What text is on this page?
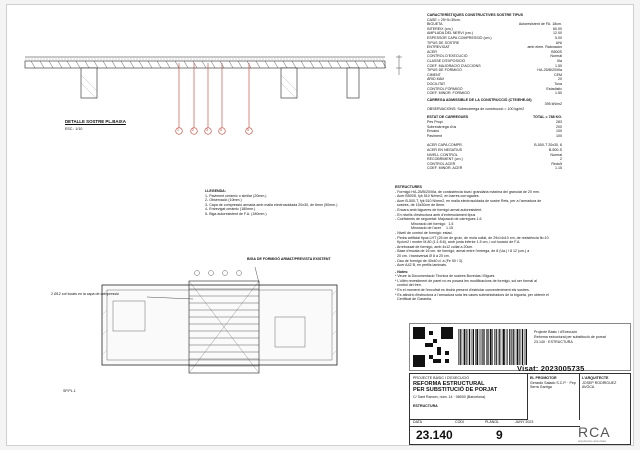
1	2	3	4	5
DETALLE SOSTRE PL.BAIXA
ESC.: 1/10
CARACTERÍSTIQUES CONSTRUCTIVES SOSTRE TIPUS
CASE = 25+5=30cm.
BIGUETA	Autoresistent de FA. 18cm.
INTEREIX (cm.)	60.00
AMPLADA DEL NERVI (cm.)	12.00
ESPESSOR CAPA COMPRESSIÓ (cm.)	5.00
TIPUS DE SOSTRE	UNI
ENTREVIGAT	amb elem. Ratonador
ACER	B500S
CONTROL D'EXECUCIÓ	Normal
CLASSE D'EXPOSICIÓ	IIIa
COEF. MAJORACIÓ D'ACCIONS	1.50
TIPUS DE FORMIGÓ	HA-25/B/20/IIIa
CIMENT	CEM
ÀRID MÀX	20
DOCILITAT	Tova
CONTROL FORMIGÓ	Estadístic
COEF. MINOR. FORMIGÓ	1.50
CÀRREGA ADMISSIBLE DE LA CONSTRUCCIÓ (CTE/EHE-08)
395 kN/m2
OBSERVACIONS: Sobrecàrrega de construcció = 100 kg/m2
ESTAT DE CÀRREGUES	TOTAL = 788 KG.
Pes Propi	283
Sobrecàrrega d'ús	200
Envans	100
Paviment	100
ACER CAPA COMPR.	B-500-T 20x30, 6
ACER EN NEGATIUS	B-500-S
NIVELL CONTROL	Normal
RECOBRIMENT (cm.)	2
CONTROL ACER	Reduït
COEF. MINOR. ACER	1.15
LLEGENDA:
1- Paviment ceràmic o similar (20mm.)
2- Observació (10mm.)
3- Capa de compressió armada amb malla electrosoldada 20x30, de 6mm (50mm.)
4- Entrevigat ceràmic (180mm.)
5- Biga autoresistent de F.A. (180mm.)
BIGA DE FORMIGÓ ARMAT/PREVISTA EXISTENT
2 Ø12 col·locats en la capa de compressió
SP.PL.1
ESTRUCTURES
- Formigó HA-25/B/20/IIIa, de consistència tova i grandària màxima del granulat de 20 mm.
- Acer B500S, fyk 510 N/mm2, en barres corrugades.
- Acer B-500-T, fyk 510 N/mm2, en malla electrosoldada de sostre Rets, per a l'armadura de
sostres, de 15x30cm de 8mm.
- Encara amb bigueres de formigó armat autoresistent.
- En nivells d'estructura amb d'entresolament tipus
- Coeficients de seguretat: Majoració de càrregues 1.6
Minoració del formigó   1.5
Minoració de l'acer     1.15
- Nivell de control de formigó: estad.
- Pedra artificial tipus LHT (25 cm de gruix, de mola collat, de 29x14x10 cm, de resistència fk=10
Kp/cm2 i morter M-80 (1:1:5:6), amb junta inferior 1.5 cm, i col·locació de F.A.
- Arrebossat de formigó, amb 4x12 collat a 20cm.
- Base d'escala de 16 cm. de formigó, armat entre l'entrega, de 8 (Ua.) i 8 12 (cm.) a
20 cm. i transversal Ø 8 a 20 cm.
- Dau de formigó de 40x40 d. a (Fe 50 / 3).
- Acer A42 B, en perfils laminats.
- Notes:
* Veure la Documentació Tècnica de sostres Bovedas i Bigues
* L'últim revestiment de paret no es posarà les modificacions de formigó, sol ser formal al
control del tren.
* En el moment de l'encofrat es tindrà present d'estrictar convenientment els sostres.
* Es atindrà d'estructura a l'armadura sota les cases subministradors de la bigueta, per obtenir el
Certificat de Garantia.
Projecte Bàsic i d'Execució
Reforma estructural per substitució de porxat
23.140 · ESTRUCTURA
Visat: 2023005735
PROJECTE BÀSIC I D'EXECUCIÓ
REFORMA ESTRUCTURAL
PER SUBSTITUCIÓ DE PORJAT
C/ Sant Ramon, núm. 14 · 08000 (Barcelona)
ESTRUCTURA
EL PROMOTOR
Gerardo Salado S.C.P. · Pep Serra Garriga
L'ARQUITECTE
JOSEP RODRÍGUEZ AVÓCA
DATA	CODI	PLÀNOL	JUNY 2023
23.140	9	RCA
arquitectes associats
